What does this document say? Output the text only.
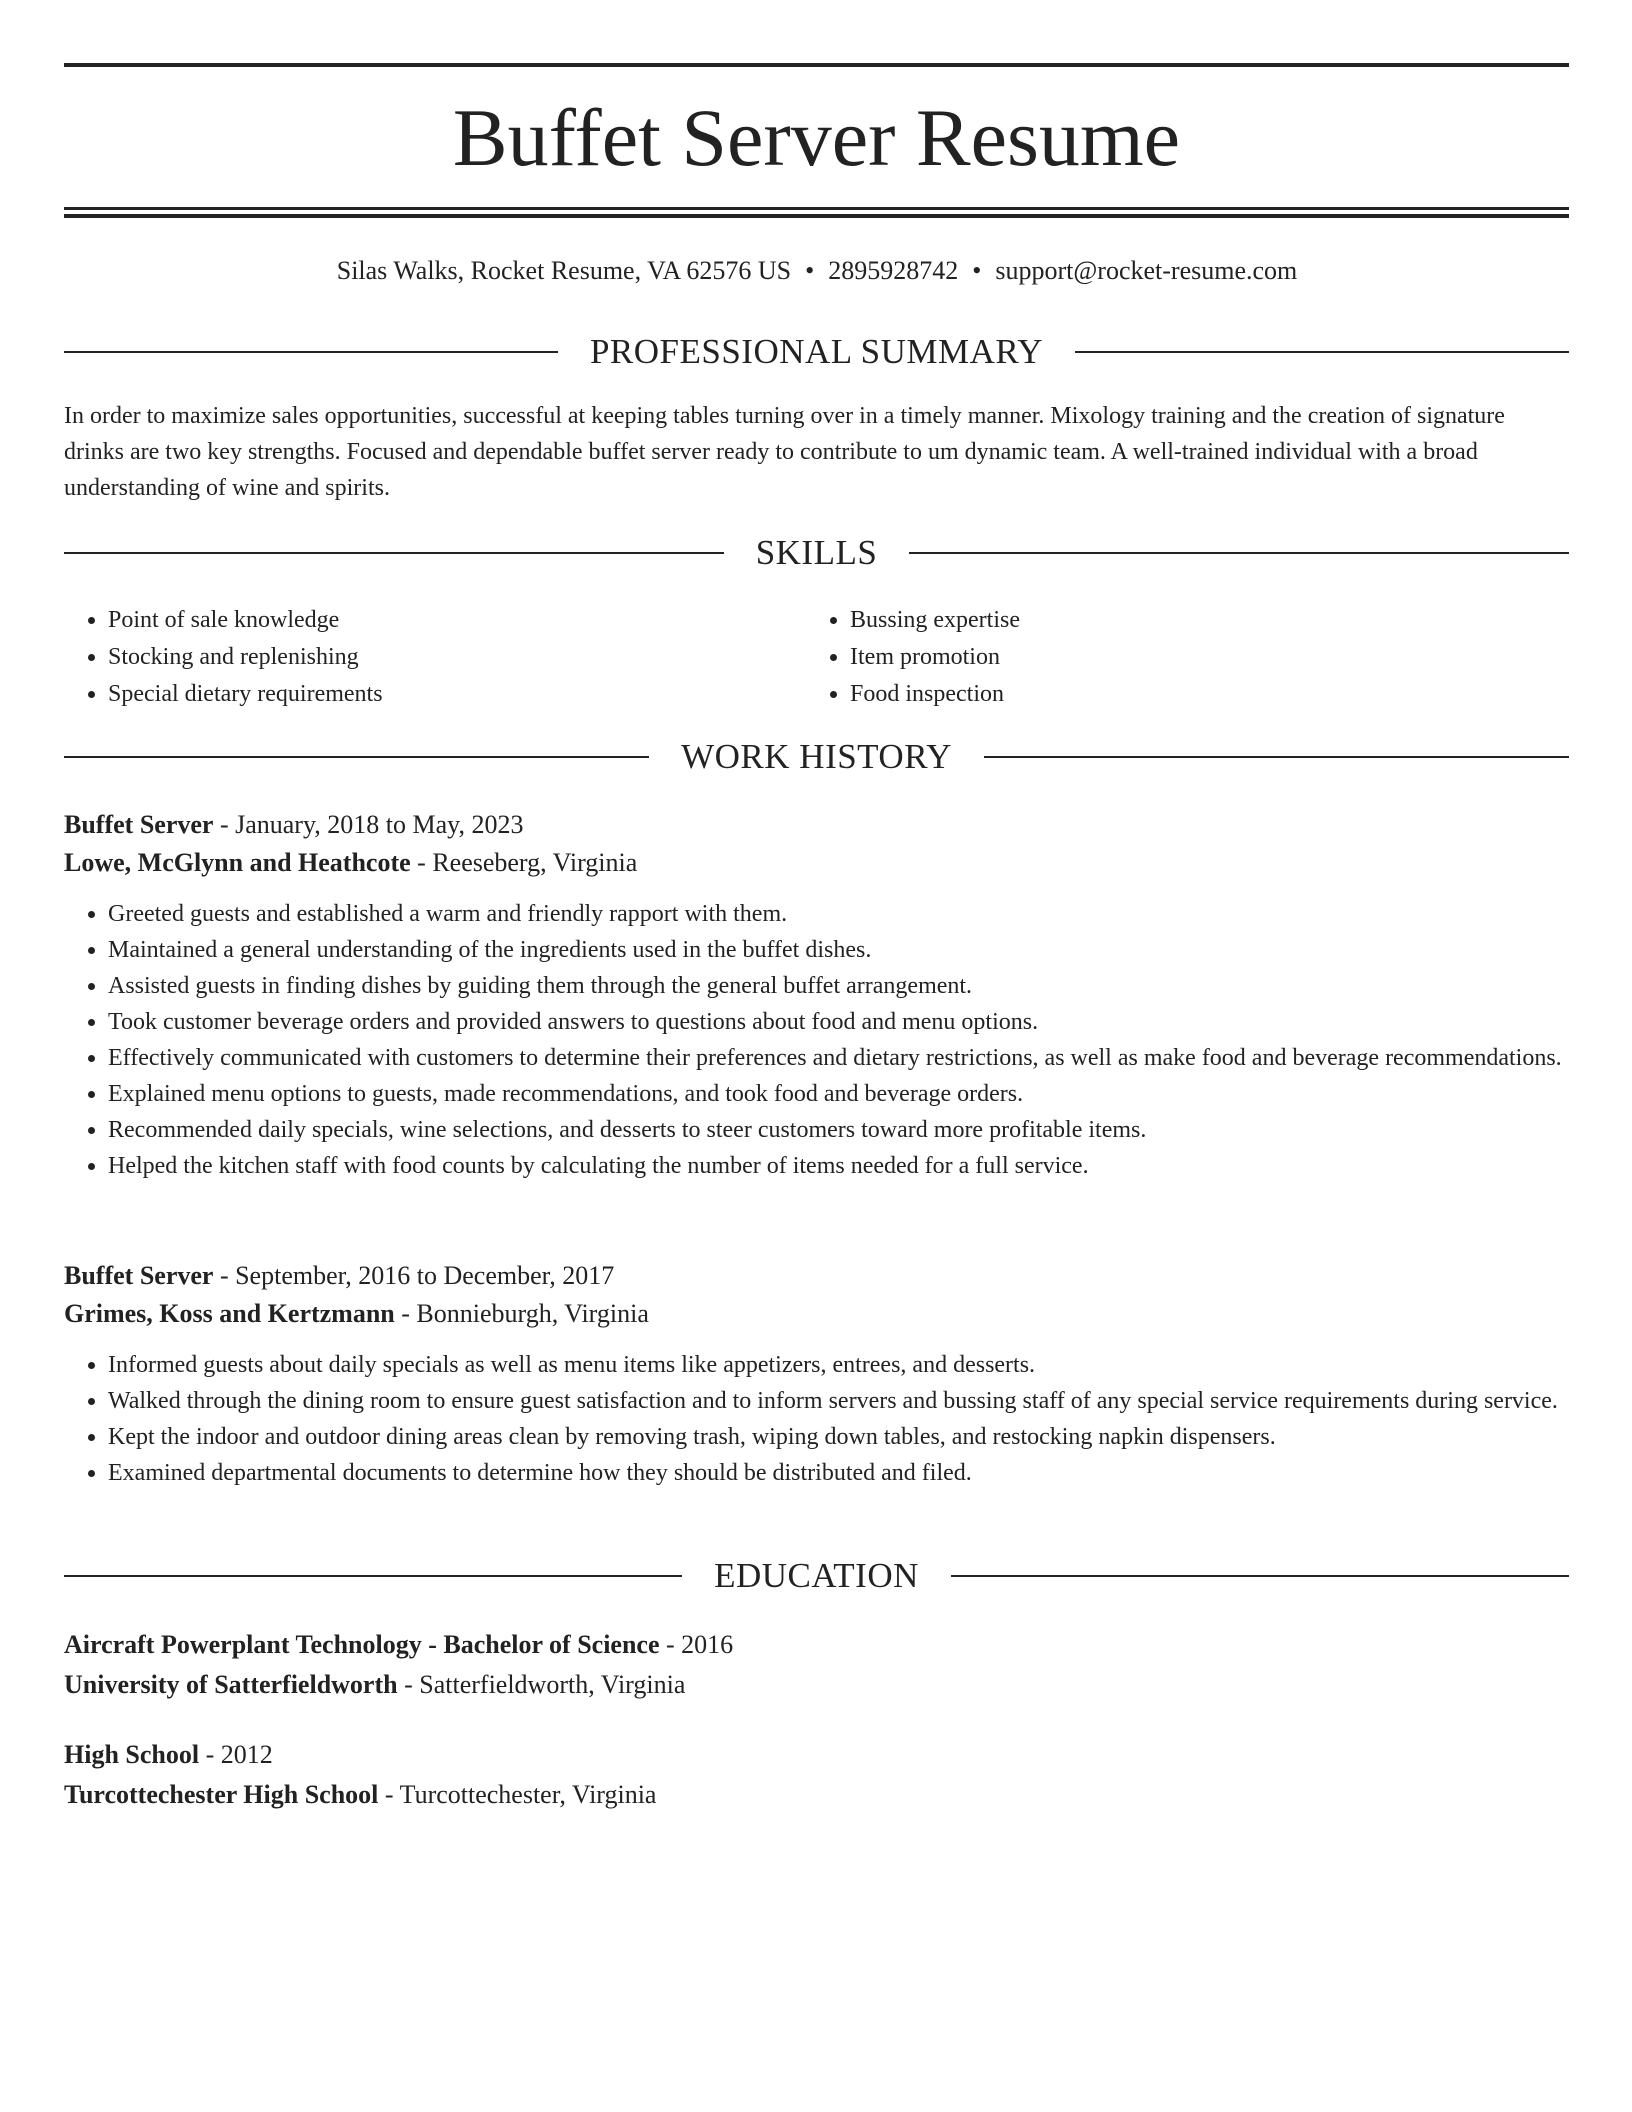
Buffet Server Resume
Silas Walks, Rocket Resume, VA 62576 US • 2895928742 • support@rocket-resume.com
PROFESSIONAL SUMMARY

In order to maximize sales opportunities, successful at keeping tables turning over in a timely manner. Mixology training and the creation of signature drinks are two key strengths. Focused and dependable buffet server ready to contribute to um dynamic team. A well-trained individual with a broad understanding of wine and spirits.

SKILLS
• Point of sale knowledge
• Stocking and replenishing
• Special dietary requirements
• Bussing expertise
• Item promotion
• Food inspection
WORK HISTORY
Buffet Server - January, 2018 to May, 2023
Lowe, McGlynn and Heathcote - Reeseberg, Virginia
• Greeted guests and established a warm and friendly rapport with them.
• Maintained a general understanding of the ingredients used in the buffet dishes.
• Assisted guests in finding dishes by guiding them through the general buffet arrangement.
• Took customer beverage orders and provided answers to questions about food and menu options.
• Effectively communicated with customers to determine their preferences and dietary restrictions, as well as make food and beverage recommendations.
• Explained menu options to guests, made recommendations, and took food and beverage orders.
• Recommended daily specials, wine selections, and desserts to steer customers toward more profitable items.
• Helped the kitchen staff with food counts by calculating the number of items needed for a full service.
Buffet Server - September, 2016 to December, 2017
Grimes, Koss and Kertzmann - Bonnieburgh, Virginia
• Informed guests about daily specials as well as menu items like appetizers, entrees, and desserts.
• Walked through the dining room to ensure guest satisfaction and to inform servers and bussing staff of any special service requirements during service.
• Kept the indoor and outdoor dining areas clean by removing trash, wiping down tables, and restocking napkin dispensers.
• Examined departmental documents to determine how they should be distributed and filed.
EDUCATION
Aircraft Powerplant Technology - Bachelor of Science - 2016
University of Satterfieldworth - Satterfieldworth, Virginia
High School - 2012
Turcottechester High School - Turcottechester, Virginia
